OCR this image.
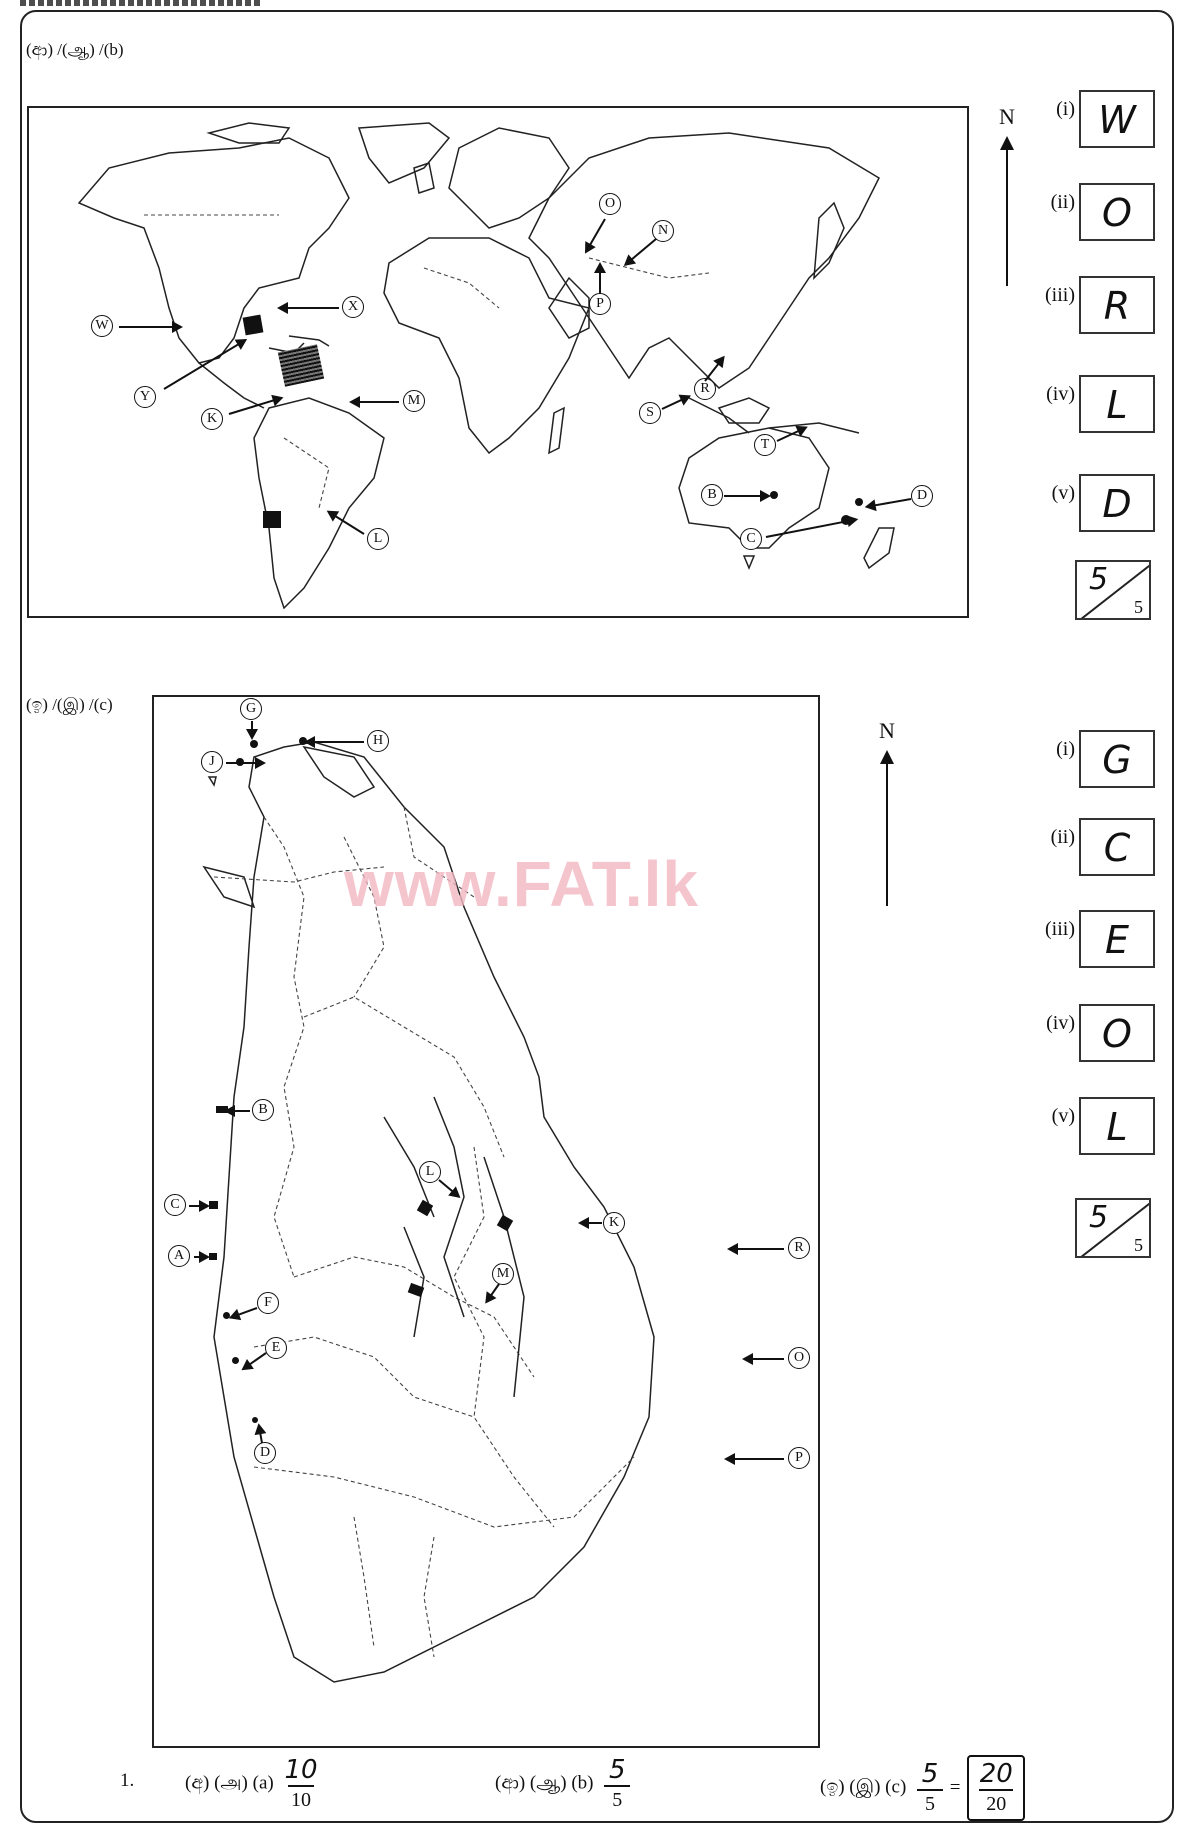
(ආ) /(ஆ) /(b)
W
X
Y
K
M
L
O
N
P
R
S
T
B
C
D
N	(i) W
(ii) O
(iii) R
(iv) L
(v) D
5
5
(ඉ) /(இ) /(c)
www.FAT.lk
G
H
J
B
C
A
F
E
D
L
M
K
R
O
P
N
(i) G
(ii) C
(iii) E
(iv) O
(v) L
5
5
1.	(අ) (அ) $(a) \frac{10}{10}$	(ආ) (ஆ) $(b) \frac{5}{5}$	(ඉ) (இ) $(c) \frac{5}{5} = \frac{20}{20}$
